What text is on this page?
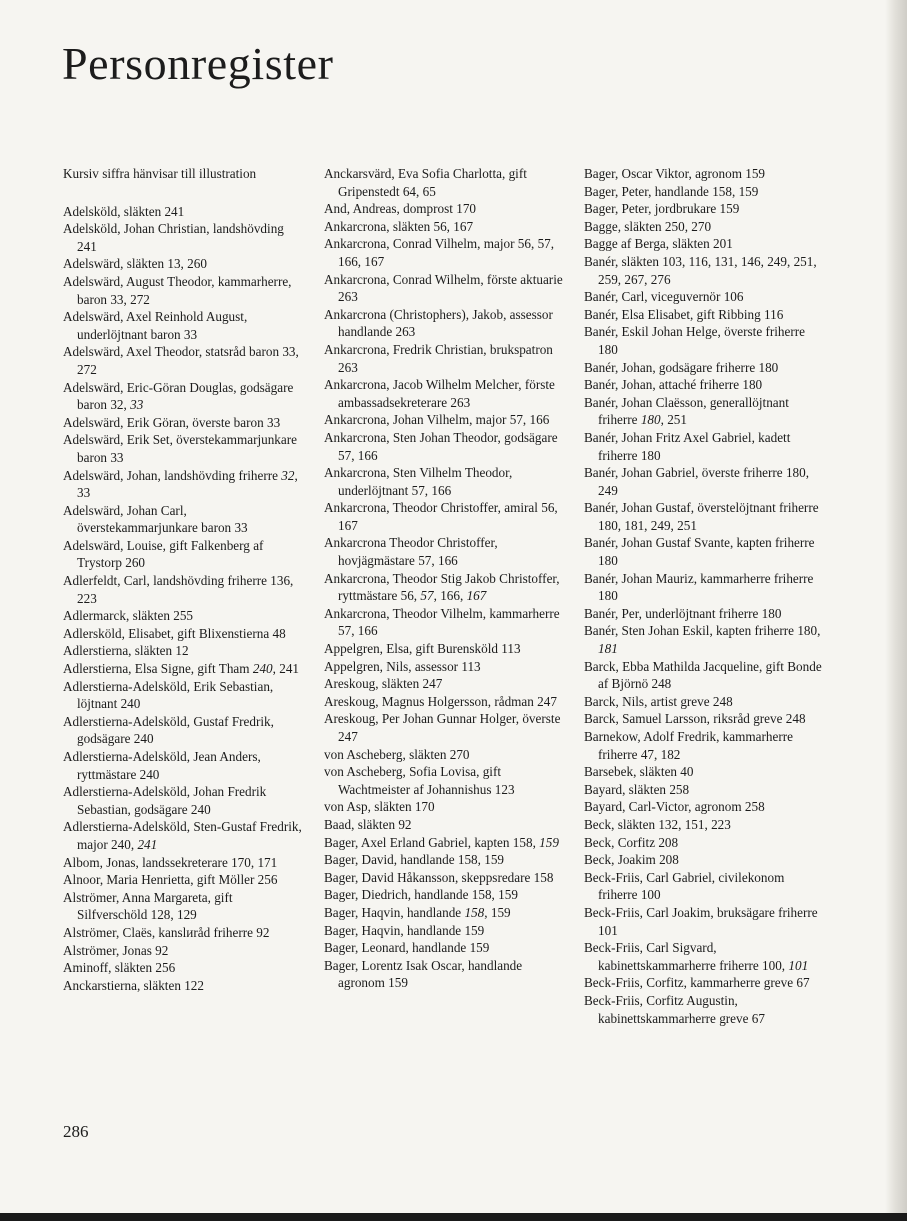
Personregister
Kursiv siffra hänvisar till illustration
Adelsköld, släkten 241
Adelsköld, Johan Christian, landshövding 241
Adelswärd, släkten 13, 260
Adelswärd, August Theodor, kammarherre, baron 33, 272
Adelswärd, Axel Reinhold August, underlöjtnant baron 33
Adelswärd, Axel Theodor, statsråd baron 33, 272
Adelswärd, Eric-Göran Douglas, godsägare baron 32, 33
Adelswärd, Erik Göran, överste baron 33
Adelswärd, Erik Set, överstekammarjunkare baron 33
Adelswärd, Johan, landshövding friherre 32, 33
Adelswärd, Johan Carl, överstekammarjunkare baron 33
Adelswärd, Louise, gift Falkenberg af Trystorp 260
Adlerfeldt, Carl, landshövding friherre 136, 223
Adlermarck, släkten 255
Adlersköld, Elisabet, gift Blixenstierna 48
Adlerstierna, släkten 12
Adlerstierna, Elsa Signe, gift Tham 240, 241
Adlerstierna-Adelsköld, Erik Sebastian, löjtnant 240
Adlerstierna-Adelsköld, Gustaf Fredrik, godsägare 240
Adlerstierna-Adelsköld, Jean Anders, ryttmästare 240
Adlerstierna-Adelsköld, Johan Fredrik Sebastian, godsägare 240
Adlerstierna-Adelsköld, Sten-Gustaf Fredrik, major 240, 241
Albom, Jonas, landssekreterare 170, 171
Alnoor, Maria Henrietta, gift Möller 256
Alströmer, Anna Margareta, gift Silfverschöld 128, 129
Alströmer, Claës, kanslиråd friherre 92
Alströmer, Jonas 92
Aminoff, släkten 256
Anckarstierna, släkten 122
Anckarsvärd, Eva Sofia Charlotta, gift Gripenstedt 64, 65
And, Andreas, domprost 170
Ankarcrona, släkten 56, 167
Ankarcrona, Conrad Vilhelm, major 56, 57, 166, 167
Ankarcrona, Conrad Wilhelm, förste aktuarie 263
Ankarcrona (Christophers), Jakob, assessor handlande 263
Ankarcrona, Fredrik Christian, brukspatron 263
Ankarcrona, Jacob Wilhelm Melcher, förste ambassadsekreterare 263
Ankarcrona, Johan Vilhelm, major 57, 166
Ankarcrona, Sten Johan Theodor, godsägare 57, 166
Ankarcrona, Sten Vilhelm Theodor, underlöjtnant 57, 166
Ankarcrona, Theodor Christoffer, amiral 56, 167
Ankarcrona Theodor Christoffer, hovjägmästare 57, 166
Ankarcrona, Theodor Stig Jakob Christoffer, ryttmästare 56, 57, 166, 167
Ankarcrona, Theodor Vilhelm, kammarherre 57, 166
Appelgren, Elsa, gift Burensköld 113
Appelgren, Nils, assessor 113
Areskoug, släkten 247
Areskoug, Magnus Holgersson, rådman 247
Areskoug, Per Johan Gunnar Holger, överste 247
von Ascheberg, släkten 270
von Ascheberg, Sofia Lovisa, gift Wachtmeister af Johannishus 123
von Asp, släkten 170
Baad, släkten 92
Bager, Axel Erland Gabriel, kapten 158, 159
Bager, David, handlande 158, 159
Bager, David Håkansson, skeppsredare 158
Bager, Diedrich, handlande 158, 159
Bager, Haqvin, handlande 158, 159
Bager, Haqvin, handlande 159
Bager, Leonard, handlande 159
Bager, Lorentz Isak Oscar, handlande agronom 159
Bager, Oscar Viktor, agronom 159
Bager, Peter, handlande 158, 159
Bager, Peter, jordbrukare 159
Bagge, släkten 250, 270
Bagge af Berga, släkten 201
Banér, släkten 103, 116, 131, 146, 249, 251, 259, 267, 276
Banér, Carl, viceguvernör 106
Banér, Elsa Elisabet, gift Ribbing 116
Banér, Eskil Johan Helge, överste friherre 180
Banér, Johan, godsägare friherre 180
Banér, Johan, attaché friherre 180
Banér, Johan Claësson, generallöjtnant friherre 180, 251
Banér, Johan Fritz Axel Gabriel, kadett friherre 180
Banér, Johan Gabriel, överste friherre 180, 249
Banér, Johan Gustaf, överstelöjtnant friherre 180, 181, 249, 251
Banér, Johan Gustaf Svante, kapten friherre 180
Banér, Johan Mauriz, kammarherre friherre 180
Banér, Per, underlöjtnant friherre 180
Banér, Sten Johan Eskil, kapten friherre 180, 181
Barck, Ebba Mathilda Jacqueline, gift Bonde af Björnö 248
Barck, Nils, artist greve 248
Barck, Samuel Larsson, riksråd greve 248
Barnekow, Adolf Fredrik, kammarherre friherre 47, 182
Barsebek, släkten 40
Bayard, släkten 258
Bayard, Carl-Victor, agronom 258
Beck, släkten 132, 151, 223
Beck, Corfitz 208
Beck, Joakim 208
Beck-Friis, Carl Gabriel, civilekonom friherre 100
Beck-Friis, Carl Joakim, bruksägare friherre 101
Beck-Friis, Carl Sigvard, kabinettskammarherre friherre 100, 101
Beck-Friis, Corfitz, kammarherre greve 67
Beck-Friis, Corfitz Augustin, kabinettskammarherre greve 67
286
